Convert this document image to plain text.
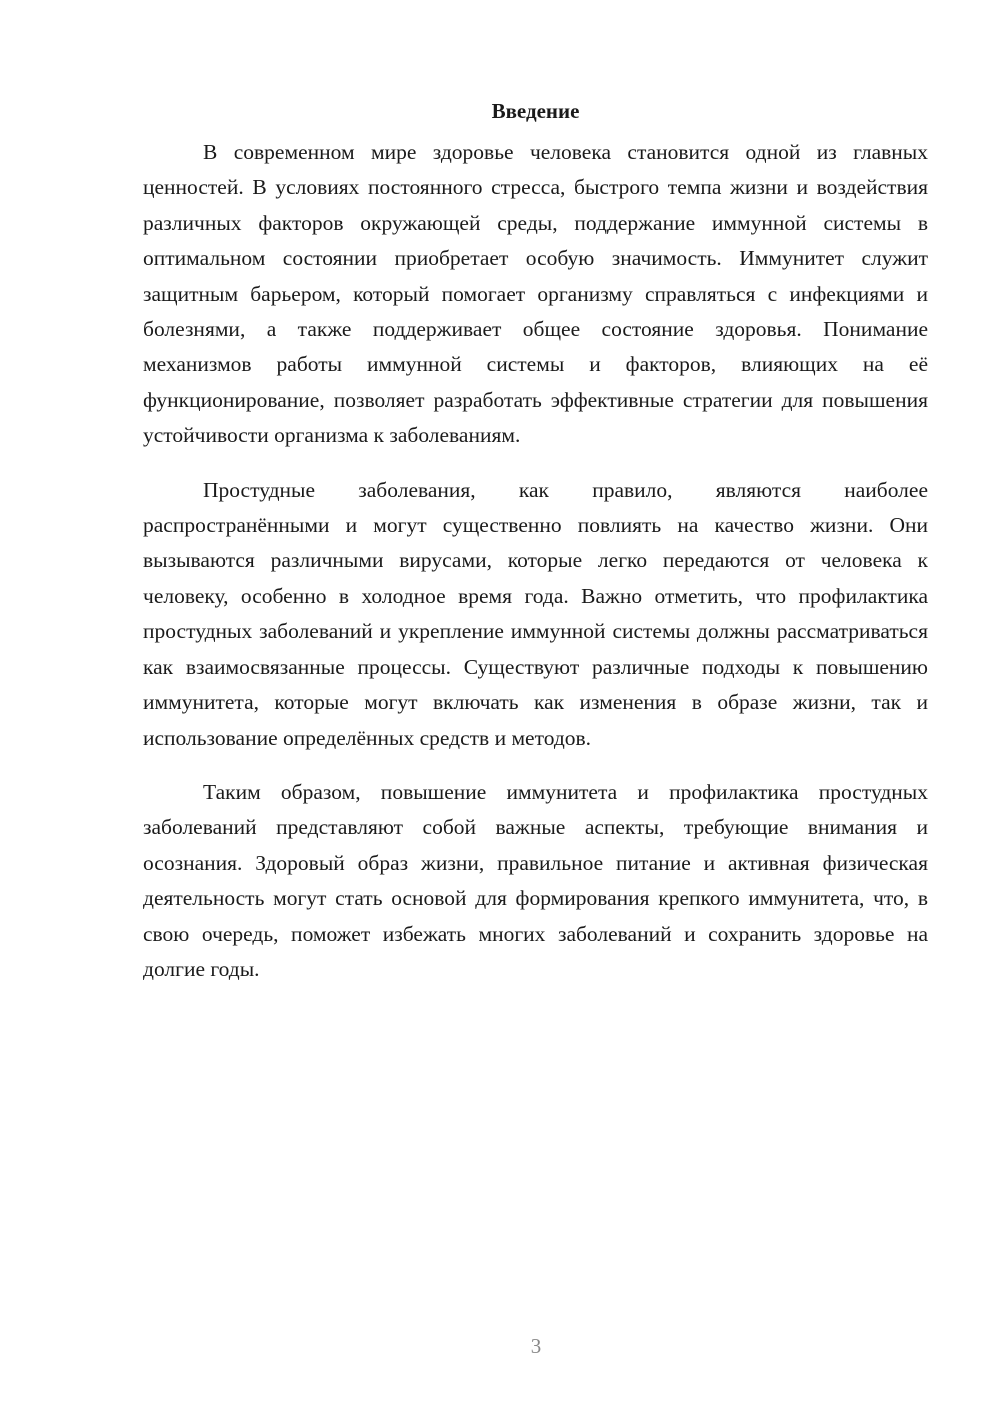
Введение

В современном мире здоровье человека становится одной из главных ценностей. В условиях постоянного стресса, быстрого темпа жизни и воздействия различных факторов окружающей среды, поддержание иммунной системы в оптимальном состоянии приобретает особую значимость. Иммунитет служит защитным барьером, который помогает организму справляться с инфекциями и болезнями, а также поддерживает общее состояние здоровья. Понимание механизмов работы иммунной системы и факторов, влияющих на её функционирование, позволяет разработать эффективные стратегии для повышения устойчивости организма к заболеваниям.

Простудные заболевания, как правило, являются наиболее распространёнными и могут существенно повлиять на качество жизни. Они вызываются различными вирусами, которые легко передаются от человека к человеку, особенно в холодное время года. Важно отметить, что профилактика простудных заболеваний и укрепление иммунной системы должны рассматриваться как взаимосвязанные процессы. Существуют различные подходы к повышению иммунитета, которые могут включать как изменения в образе жизни, так и использование определённых средств и методов.

Таким образом, повышение иммунитета и профилактика простудных заболеваний представляют собой важные аспекты, требующие внимания и осознания. Здоровый образ жизни, правильное питание и активная физическая деятельность могут стать основой для формирования крепкого иммунитета, что, в свою очередь, поможет избежать многих заболеваний и сохранить здоровье на долгие годы.

3
